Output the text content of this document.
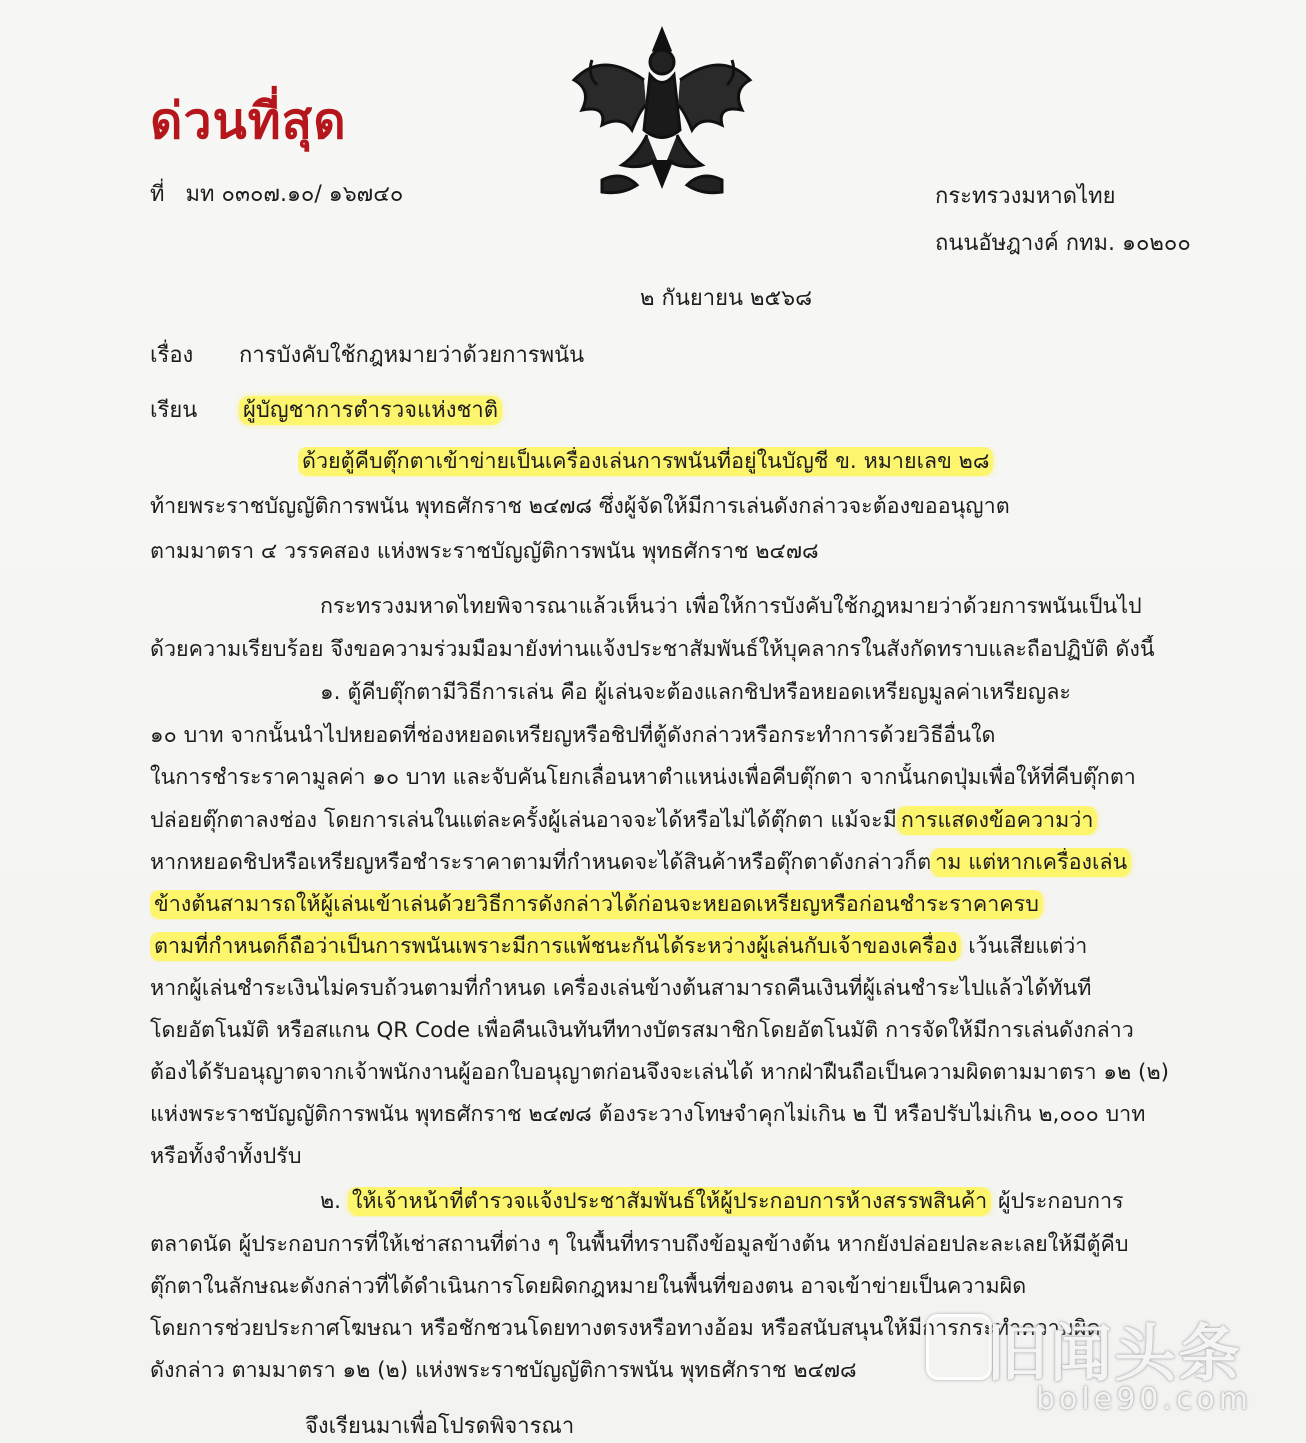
ด่วนที่สุด
ที่ มท ๐๓๐๗.๑๐/ ๑๖๗๔๐	กระทรวงมหาดไทย
ถนนอัษฎางค์ กทม. ๑๐๒๐๐
๒ กันยายน ๒๕๖๘
เรื่อง การบังคับใช้กฎหมายว่าด้วยการพนัน
เรียน ผู้บัญชาการตำรวจแห่งชาติ
ด้วยตู้คีบตุ๊กตาเข้าข่ายเป็นเครื่องเล่นการพนันที่อยู่ในบัญชี ข. หมายเลข ๒๘
ท้ายพระราชบัญญัติการพนัน พุทธศักราช ๒๔๗๘ ซึ่งผู้จัดให้มีการเล่นดังกล่าวจะต้องขออนุญาต
ตามมาตรา ๔ วรรคสอง แห่งพระราชบัญญัติการพนัน พุทธศักราช ๒๔๗๘
กระทรวงมหาดไทยพิจารณาแล้วเห็นว่า เพื่อให้การบังคับใช้กฎหมายว่าด้วยการพนันเป็นไป
ด้วยความเรียบร้อย จึงขอความร่วมมือมายังท่านแจ้งประชาสัมพันธ์ให้บุคลากรในสังกัดทราบและถือปฏิบัติ ดังนี้
๑. ตู้คีบตุ๊กตามีวิธีการเล่น คือ ผู้เล่นจะต้องแลกชิปหรือหยอดเหรียญมูลค่าเหรียญละ
๑๐ บาท จากนั้นนำไปหยอดที่ช่องหยอดเหรียญหรือชิปที่ตู้ดังกล่าวหรือกระทำการด้วยวิธีอื่นใด
ในการชำระราคามูลค่า ๑๐ บาท และจับคันโยกเลื่อนหาตำแหน่งเพื่อคีบตุ๊กตา จากนั้นกดปุ่มเพื่อให้ที่คีบตุ๊กตา
ปล่อยตุ๊กตาลงช่อง โดยการเล่นในแต่ละครั้งผู้เล่นอาจจะได้หรือไม่ได้ตุ๊กตา แม้จะมี การแสดงข้อความว่า
หากหยอดชิปหรือเหรียญหรือชำระราคาตามที่กำหนดจะได้สินค้าหรือตุ๊กตาดังกล่าวก็ต าม แต่หากเครื่องเล่น
ข้างต้นสามารถให้ผู้เล่นเข้าเล่นด้วยวิธีการดังกล่าวได้ก่อนจะหยอดเหรียญหรือก่อนชำระราคาครบ
ตามที่กำหนดก็ถือว่าเป็นการพนันเพราะมีการแพ้ชนะกันได้ระหว่างผู้เล่นกับเจ้าของเครื่อง เว้นเสียแต่ว่า
หากผู้เล่นชำระเงินไม่ครบถ้วนตามที่กำหนด เครื่องเล่นข้างต้นสามารถคืนเงินที่ผู้เล่นชำระไปแล้วได้ทันที
โดยอัตโนมัติ หรือสแกน QR Code เพื่อคืนเงินทันทีทางบัตรสมาชิกโดยอัตโนมัติ การจัดให้มีการเล่นดังกล่าว
ต้องได้รับอนุญาตจากเจ้าพนักงานผู้ออกใบอนุญาตก่อนจึงจะเล่นได้ หากฝ่าฝืนถือเป็นความผิดตามมาตรา ๑๒ (๒)
แห่งพระราชบัญญัติการพนัน พุทธศักราช ๒๔๗๘ ต้องระวางโทษจำคุกไม่เกิน ๒ ปี หรือปรับไม่เกิน ๒,๐๐๐ บาท
หรือทั้งจำทั้งปรับ
๒. ให้เจ้าหน้าที่ตำรวจแจ้งประชาสัมพันธ์ให้ผู้ประกอบการห้างสรรพสินค้า ผู้ประกอบการ
ตลาดนัด ผู้ประกอบการที่ให้เช่าสถานที่ต่าง ๆ ในพื้นที่ทราบถึงข้อมูลข้างต้น หากยังปล่อยปละละเลยให้มีตู้คีบ
ตุ๊กตาในลักษณะดังกล่าวที่ได้ดำเนินการโดยผิดกฎหมายในพื้นที่ของตน อาจเข้าข่ายเป็นความผิด
โดยการช่วยประกาศโฆษณา หรือชักชวนโดยทางตรงหรือทางอ้อม หรือสนับสนุนให้มีการกระทำความผิด
ดังกล่าว ตามมาตรา ๑๒ (๒) แห่งพระราชบัญญัติการพนัน พุทธศักราช ๒๔๗๘
จึงเรียนมาเพื่อโปรดพิจารณา
旧闻头条
bole90.com
